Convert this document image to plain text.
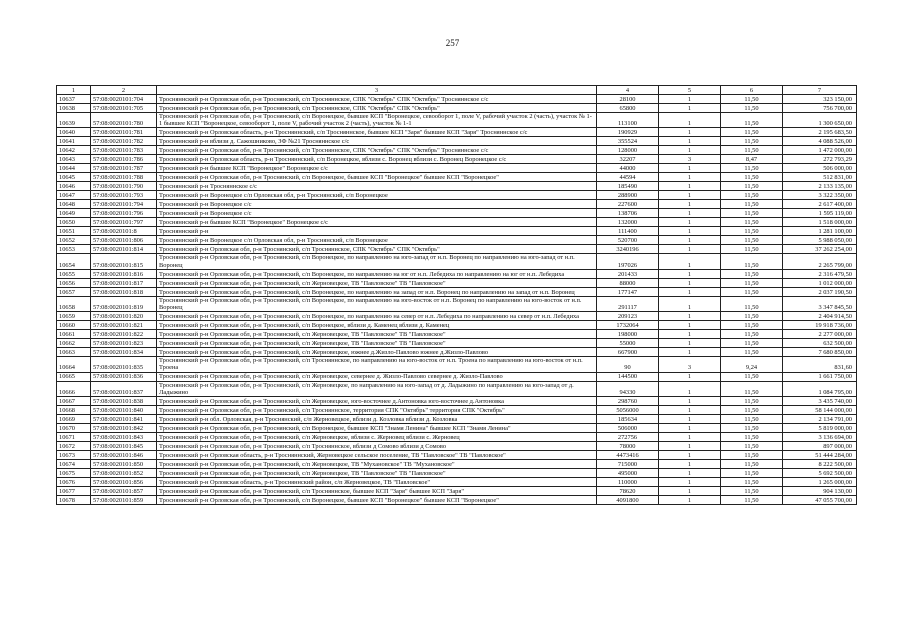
257
1	2	3	4	5	6	7
10637	57:08:0020101:704	Тросняннский р-н Орловская обл, р-н Троснянский, с/п Тросняннское, СПК "Октябрь" СПК "Октябрь" Тросняннское с/с	28100	1	11,50	323 150,00
10638	57:08:0020101:705	Тросняннский р-н Орловская обл, р-н Троснянский, с/п Тросняннское, СПК "Октябрь" СПК "Октябрь"	65800	1	11,50	756 700,00
10639	57:08:0020101:780	Тросняннский р-н Орловская обл, р-н Троснянский, с/п Воронецкое, бывшее КСП "Воронецкое, севооборот 1, поле V, рабочий участок 2 (часть), участок № 1-1 бывшее КСП "Воронецкое, севооборот 1, поле V, рабочий участок 2 (часть), участок № 1-1	113100	1	11,50	1 300 650,00
10640	57:08:0020101:781	Тросняннский р-н Орловская область, р-н Тросняннский, с/п Тросняннское, бывшее КСП "Заря" бывшее КСП "Заря" Тросняннское с/с	190929	1	11,50	2 195 683,50
10641	57:08:0020101:782	Тросняннский р-н вблизи д. Сажошниково, ЗФ №21 Тросняннское с/с	355524	1	11,50	4 088 526,00
10642	57:08:0020101:783	Тросняннский р-н Орловская обл, р-н Троснянский, с/п Тросняннское, СПК "Октябрь" СПК "Октябрь" Тросняннское с/с	128000	1	11,50	1 472 000,00
10643	57:08:0020101:786	Тросняннский р-н Орловская область, р-н Тросняннский, с/п Воронецкое, вблизи с. Воронец вблизи с. Воронец Воронецкое с/с	32207	3	8,47	272 793,29
10644	57:08:0020101:787	Тросняннский р-н бывшее КСП "Воронецкое" Воронецкое с/с	44000	1	11,50	506 000,00
10645	57:08:0020101:788	Тросняннский р-н Орловская обл, р-н Троснянский, с/п Воронецкое, бывшее КСП "Воронецкое" бывшее КСП "Воронецкое"	44594	1	11,50	512 831,00
10646	57:08:0020101:790	Тросняннский р-н Тросняннское с/с	185490	1	11,50	2 133 135,00
10647	57:08:0020101:793	Тросняннский р-н Воронецкое с/п Орловская обл, р-н Троснянский, с/п Воронецкое	288900	1	11,50	3 322 350,00
10648	57:08:0020101:794	Тросняннский р-н Воронецкое с/с	227600	1	11,50	2 617 400,00
10649	57:08:0020101:796	Тросняннский р-н Воронецкое с/с	138706	1	11,50	1 595 119,00
10650	57:08:0020101:797	Тросняннский р-н бывшее КСП "Воронецкое" Воронецкое с/с	132000	1	11,50	1 518 000,00
10651	57:08:0020101:8	Тросняннский р-н	111400	1	11,50	1 281 100,00
10652	57:08:0020101:806	Тросняннский р-н Воронецкое с/п Орловская обл, р-н Троснянский, с/п Воронецкое	520700	1	11,50	5 988 050,00
10653	57:08:0020101:814	Тросняннский р-н Орловская обл, р-н Троснянский, с/п Тросняннское, СПК "Октябрь" СПК "Октябрь"	3240196	1	11,50	37 262 254,00
10654	57:08:0020101:815	Тросняннский р-н Орловская обл, р-н Троснянский, с/п Воронецкое, по направлению на юго-запад от н.п. Воронец по направлению на юго-запад от н.п. Воронец	197026	1	11,50	2 265 799,00
10655	57:08:0020101:816	Тросняннский р-н Орловская обл, р-н Троснянский, с/п Воронецкое, по направлению на юг от н.п. Лебедиха по направлению на юг от н.п. Лебедиха	201433	1	11,50	2 316 479,50
10656	57:08:0020101:817	Тросняннский р-н Орловская обл, р-н Троснянский, с/п Жерновецкое, ТВ "Павловское" ТВ "Павловское"	88000	1	11,50	1 012 000,00
10657	57:08:0020101:818	Тросняннский р-н Орловская обл, р-н Троснянский, с/п Воронецкое, по направлению на запад от н.п. Воронец по направлению на запад от н.п. Воронец	177147	1	11,50	2 037 190,50
10658	57:08:0020101:819	Тросняннский р-н Орловская обл, р-н Троснянский, с/п Воронецкое, по направлению на юго-восток от н.п. Воронец по направлению на юго-восток от н.п. Воронец	291117	1	11,50	3 347 845,50
10659	57:08:0020101:820	Тросняннский р-н Орловская обл, р-н Троснянский, с/п Воронецкое, по направлению на север от н.п. Лебедиха по направлению на север от н.п. Лебедиха	209123	1	11,50	2 404 914,50
10660	57:08:0020101:821	Тросняннский р-н Орловская обл, р-н Троснянский, с/п Воронецкое, вблизи д. Каменец вблизи д. Каменец	1732064	1	11,50	19 918 736,00
10661	57:08:0020101:822	Тросняннский р-н Орловская обл, р-н Троснянский, с/п Жерновецкое, ТВ "Павловское" ТВ "Павловское"	198000	1	11,50	2 277 000,00
10662	57:08:0020101:823	Тросняннский р-н Орловская обл, р-н Троснянский, с/п Жерновецкое, ТВ "Павловское" ТВ "Павловское"	55000	1	11,50	632 500,00
10663	57:08:0020101:834	Тросняннский р-н Орловская обл, р-н Троснянский, с/п Жерновецкое, южнее д.Жизло-Павлово южнее д.Жизло-Павлово	667900	1	11,50	7 680 850,00
10664	57:08:0020101:835	Тросняннский р-н Орловская обл, р-н Троснянский, с/п Тросняннское, по направлению на юго-восток от н.п. Троена по направлению на юго-восток от н.п. Троена	90	3	9,24	831,60
10665	57:08:0020101:836	Тросняннский р-н Орловская обл, р-н Троснянский, с/п Жерновецкое, севернее д. Жизло-Павлово севернее д. Жизло-Павлово	144500	1	11,50	1 661 750,00
10666	57:08:0020101:837	Тросняннский р-н Орловская обл, р-н Троснянский, с/п Жерновецкое, по направлению на юго-запад от д. Ладыжино по направлению на юго-запад от д. Ладыжино	94330	1	11,50	1 084 795,00
10667	57:08:0020101:838	Тросняннский р-н Орловская обл, р-н Троснянский, с/п Жерновецкое, юго-восточнее д.Антоновка юго-восточнее д.Антоновка	298760	1	11,50	3 435 740,00
10668	57:08:0020101:840	Тросняннский р-н Орловская обл, р-н Троснянский, с/п Тросняннское, территория СПК "Октябрь" территория СПК "Октябрь"	5056000	1	11,50	58 144 000,00
10669	57:08:0020101:841	Тросняннский р-н обл. Орловская, р-н Троснянский, с/п Жерновецкое, вблизи д. Козловка вблизи д. Козловка	185634	1	11,50	2 134 791,00
10670	57:08:0020101:842	Тросняннский р-н Орловская обл, р-н Троснянский, с/п Воронецкое, бывшее КСП "Знамя Ленина" бывшее КСП "Знамя Ленина"	506000	1	11,50	5 819 000,00
10671	57:08:0020101:843	Тросняннский р-н Орловская обл, р-н Троснянский, с/п Жерновецкое, вблизи с. Жерновец вблизи с. Жерновец	272756	1	11,50	3 136 694,00
10672	57:08:0020101:845	Тросняннский р-н Орловская обл, р-н Троснянский, с/п Тросняннское, вблизи д Сомово вблизи д Сомово	78000	1	11,50	897 000,00
10673	57:08:0020101:846	Тросняннский р-н Орловская область, р-н Тросняннский, Жерновецкое сельское поселение, ТВ "Павловское" ТВ "Павловское"	4473416	1	11,50	51 444 284,00
10674	57:08:0020101:850	Тросняннский р-н Орловская обл, р-н Троснянский, с/п Жерновецкое, ТВ "Мухановское" ТВ "Мухановское"	715000	1	11,50	8 222 500,00
10675	57:08:0020101:852	Тросняннский р-н Орловская обл, р-н Троснянский, с/п Жерновецкое, ТВ "Павловское" ТВ "Павловское"	495000	1	11,50	5 692 500,00
10676	57:08:0020101:856	Тросняннский р-н Орловская область, р-н Тросняннский район, с/п Жерновецкое, ТВ "Павловское"	110000	1	11,50	1 265 000,00
10677	57:08:0020101:857	Тросняннский р-н Орловская обл, р-н Троснянский, с/п Тросняннское, бывшее КСП "Заря" бывшее КСП "Заря"	78620	1	11,50	904 130,00
10678	57:08:0020101:859	Тросняннский р-н Орловская обл, р-н Троснянский, с/п Воронецкое, бывшее КСП "Воронецкое" бывшее КСП "Воронецкое"	4091800	1	11,50	47 055 700,00
